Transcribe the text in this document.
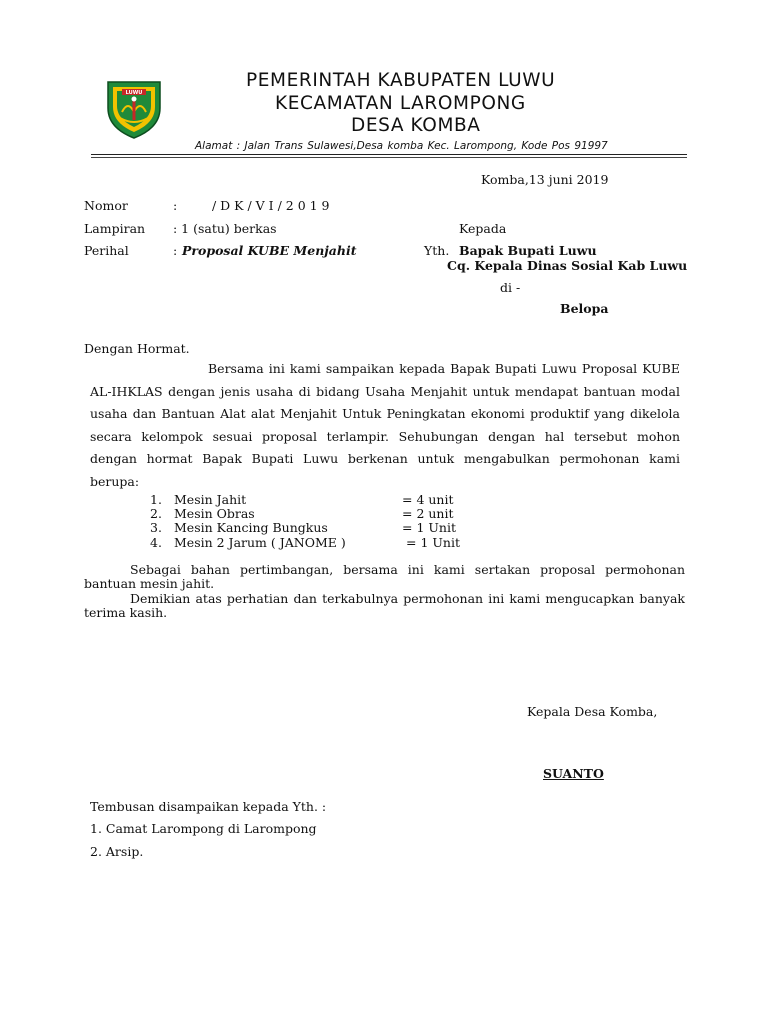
LUWU
PEMERINTAH KABUPATEN LUWU
KECAMATAN LAROMPONG
DESA KOMBA
Alamat : Jalan Trans Sulawesi,Desa komba Kec. Larompong, Kode Pos 91997
Komba,13 juni 2019
Nomor	:	/ D K / V I / 2 0 1 9
Lampiran : 1 (satu) berkas
Perihal	: Proposal KUBE Menjahit
Kepada
Yth. Bapak Bupati Luwu
Cq. Kepala Dinas Sosial Kab Luwu
di -
Belopa
Dengan Hormat.
Bersama ini kami sampaikan kepada Bapak Bupati Luwu Proposal KUBE AL-IHKLAS dengan jenis usaha di bidang Usaha Menjahit untuk mendapat bantuan modal usaha dan Bantuan Alat alat Menjahit Untuk Peningkatan ekonomi produktif yang dikelola secara kelompok sesuai proposal terlampir. Sehubungan dengan hal tersebut mohon dengan hormat Bapak Bupati Luwu berkenan untuk mengabulkan permohonan kami berupa:
1. Mesin Jahit	= 4 unit
2. Mesin Obras	= 2 unit
3. Mesin Kancing Bungkus	= 1 Unit
4. Mesin 2 Jarum ( JANOME )	= 1 Unit
Sebagai bahan pertimbangan, bersama ini kami sertakan proposal permohonan bantuan mesin jahit.
Demikian atas perhatian dan terkabulnya permohonan ini kami mengucapkan banyak terima kasih.
Kepala Desa Komba,
SUANTO
Tembusan disampaikan kepada Yth. :
1. Camat Larompong di Larompong
2. Arsip.
